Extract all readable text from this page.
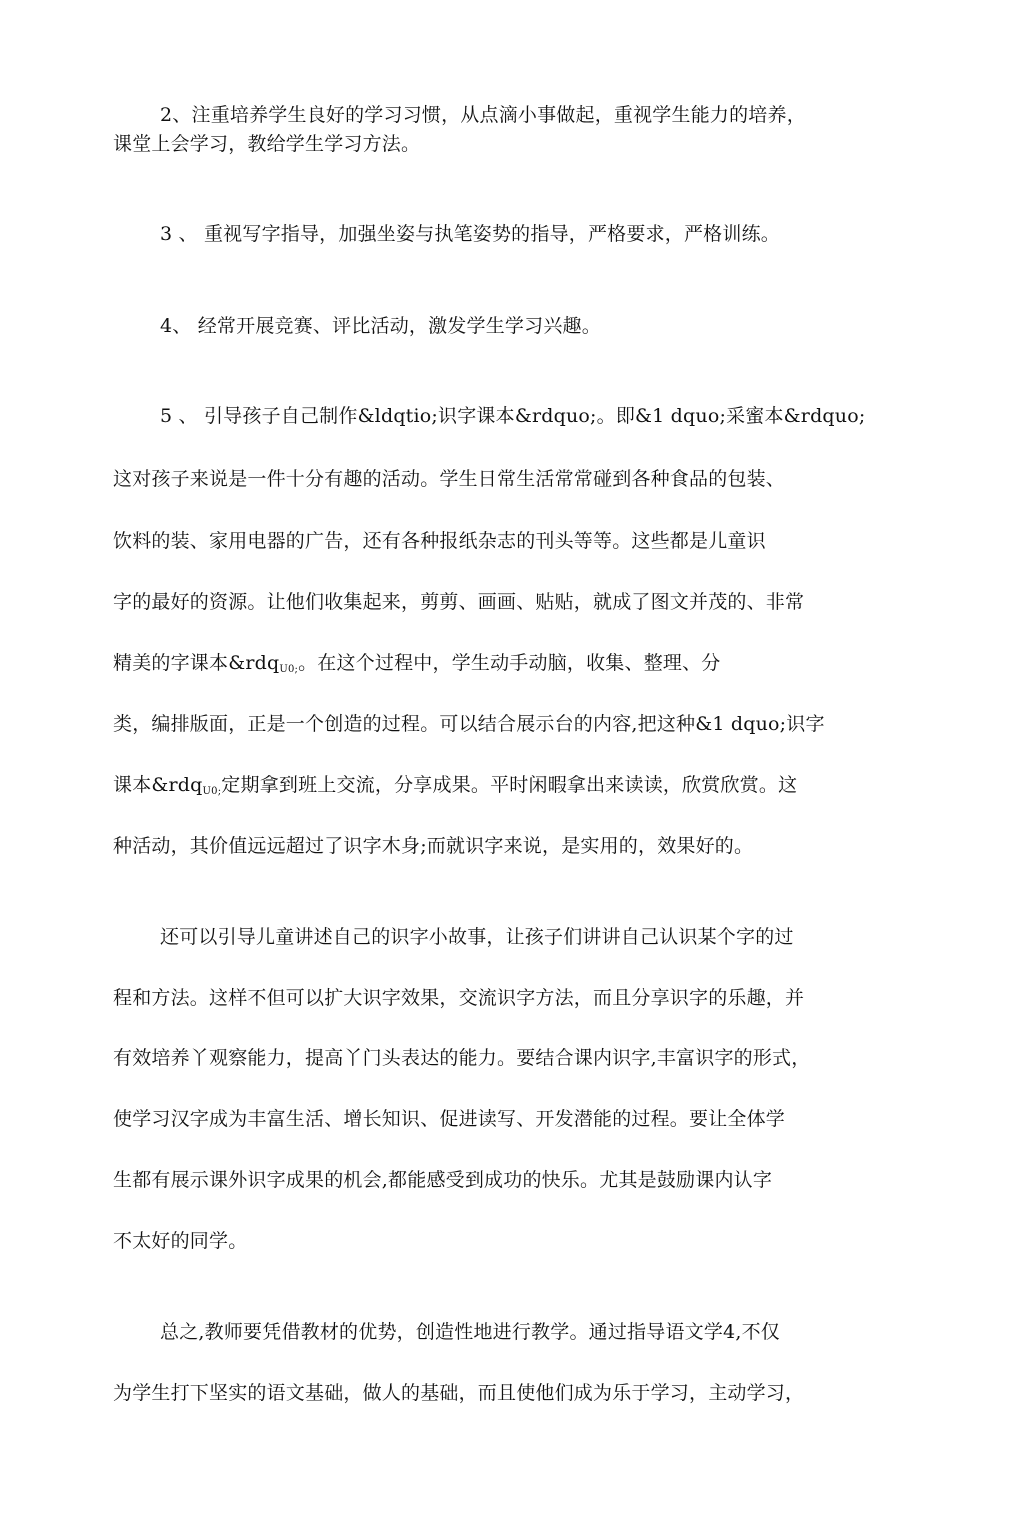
2、注重培养学生良好的学习习惯，从点滴小事做起，重视学生能力的培养，
课堂上会学习，教给学生学习方法。
3 、 重视写字指导，加强坐姿与执笔姿势的指导，严格要求，严格训练。
4、 经常开展竞赛、评比活动，激发学生学习兴趣。
5 、 引导孩子自己制作&ldqtio;识字课本&rdquo;。即&1 dquo;采蜜本&rdquo;
这对孩子来说是一件十分有趣的活动。学生日常生活常常碰到各种食品的包装、
饮料的装、家用电器的广告，还有各种报纸杂志的刊头等等。这些都是儿童识
字的最好的资源。让他们收集起来，剪剪、画画、贴贴，就成了图文并茂的、非常
精美的字课本&rdq$_{U0;}$。在这个过程中，学生动手动脑，收集、整理、分
类，编排版面，正是一个创造的过程。可以结合展示台的内容,把这种&1 dquo;识字
课本&rdq$_{U0;}$定期拿到班上交流，分享成果。平时闲暇拿出来读读，欣赏欣赏。这
种活动，其价值远远超过了识字木身;而就识字来说，是实用的，效果好的。
还可以引导儿童讲述自己的识字小故事，让孩子们讲讲自己认识某个字的过
程和方法。这样不但可以扩大识字效果，交流识字方法，而且分享识字的乐趣，并
有效培养丫观察能力，提高丫门头表达的能力。要结合课内识字,丰富识字的形式，
使学习汉字成为丰富生活、增长知识、促进读写、开发潜能的过程。要让全体学
生都有展示课外识字成果的机会,都能感受到成功的快乐。尤其是鼓励课内认字
不太好的同学。
总之,教师要凭借教材的优势，创造性地进行教学。通过指导语文学4,不仅
为学生打下坚实的语文基础，做人的基础，而且使他们成为乐于学习，主动学习，
